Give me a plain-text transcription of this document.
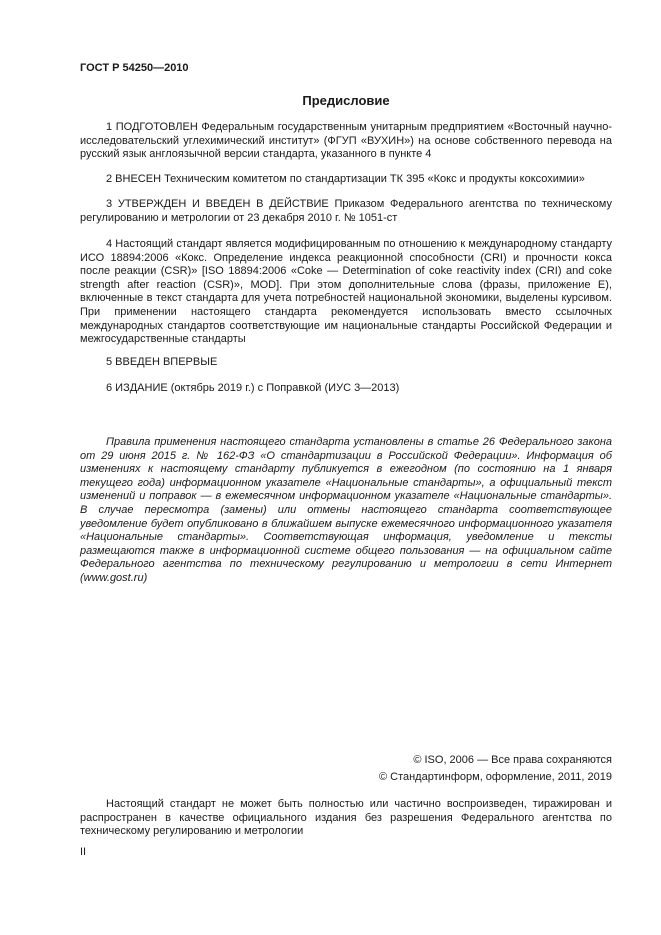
ГОСТ Р 54250—2010
Предисловие

1 ПОДГОТОВЛЕН Федеральным государственным унитарным предприятием «Восточный научно-исследовательский углехимический институт» (ФГУП «ВУХИН») на основе собственного перевода на русский язык англоязычной версии стандарта, указанного в пункте 4

2 ВНЕСЕН Техническим комитетом по стандартизации ТК 395 «Кокс и продукты коксохимии»

3 УТВЕРЖДЕН И ВВЕДЕН В ДЕЙСТВИЕ Приказом Федерального агентства по техническому регулированию и метрологии от 23 декабря 2010 г. № 1051-ст

4 Настоящий стандарт является модифицированным по отношению к международному стандарту ИСО 18894:2006 «Кокс. Определение индекса реакционной способности (CRI) и прочности кокса после реакции (CSR)» [ISO 18894:2006 «Coke — Determination of coke reactivity index (CRI) and coke strength after reaction (CSR)», MOD]. При этом дополнительные слова (фразы, приложение Е), включенные в текст стандарта для учета потребностей национальной экономики, выделены курсивом. При применении настоящего стандарта рекомендуется использовать вместо ссылочных международных стандартов соответствующие им национальные стандарты Российской Федерации и межгосударственные стандарты

5 ВВЕДЕН ВПЕРВЫЕ

6 ИЗДАНИЕ (октябрь 2019 г.) с Поправкой (ИУС 3—2013)

Правила применения настоящего стандарта установлены в статье 26 Федерального закона от 29 июня 2015 г. № 162-ФЗ «О стандартизации в Российской Федерации». Информация об изменениях к настоящему стандарту публикуется в ежегодном (по состоянию на 1 января текущего года) информационном указателе «Национальные стандарты», а официальный текст изменений и поправок — в ежемесячном информационном указателе «Национальные стандарты». В случае пересмотра (замены) или отмены настоящего стандарта соответствующее уведомление будет опубликовано в ближайшем выпуске ежемесячного информационного указателя «Национальные стандарты». Соответствующая информация, уведомление и тексты размещаются также в информационной системе общего пользования — на официальном сайте Федерального агентства по техническому регулированию и метрологии в сети Интернет (www.gost.ru)

© ISO, 2006 — Все права сохраняются

© Стандартинформ, оформление, 2011, 2019

Настоящий стандарт не может быть полностью или частично воспроизведен, тиражирован и распространен в качестве официального издания без разрешения Федерального агентства по техническому регулированию и метрологии

II
